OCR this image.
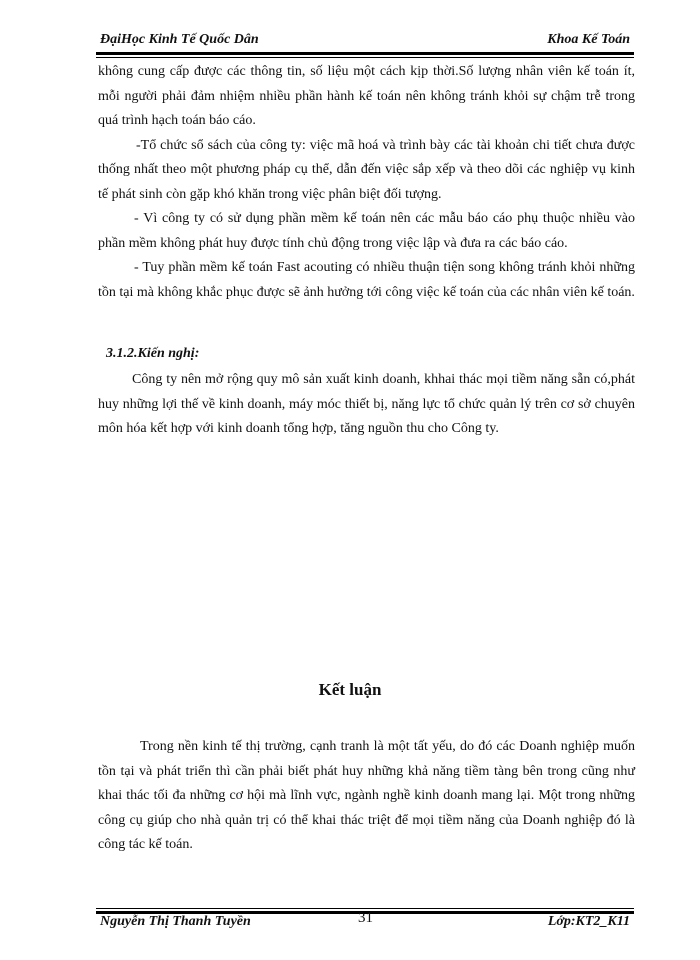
ĐạiHọc Kinh Tế Quốc Dân	Khoa Kế Toán

không cung cấp được các thông tin, số liệu một cách kịp thời.Số lượng nhân viên kế toán ít, mỗi người phải đảm nhiệm nhiều phần hành kế toán nên không tránh khỏi sự chậm trễ trong quá trình hạch toán báo cáo.

-Tổ chức sổ sách của công ty: việc mã hoá và trình bày các tài khoản chi tiết chưa được thống nhất theo một phương pháp cụ thể, dẫn đến việc sắp xếp và theo dõi các nghiệp vụ kinh tế phát sinh còn gặp khó khăn trong việc phân biệt đối tượng.

- Vì công ty có sử dụng phần mềm kế toán nên các mẫu báo cáo phụ thuộc nhiều vào phần mềm không phát huy được tính chủ động trong việc lập và đưa ra các báo cáo.

- Tuy phần mềm kế toán Fast acouting có nhiều thuận tiện song không tránh khỏi những tồn tại mà không khắc phục được sẽ ảnh hưởng tới công việc kế toán của các nhân viên kế toán.

3.1.2.Kiến nghị:

Công ty nên mở rộng quy mô sản xuất kinh doanh, khhai thác mọi tiềm năng sẵn có,phát huy những lợi thế về kinh doanh, máy móc thiết bị, năng lực tổ chức quản lý trên cơ sở chuyên môn hóa kết hợp với kinh doanh tổng hợp, tăng nguồn thu cho Công ty.

Kết luận

Trong nền kinh tế thị trường, cạnh tranh là một tất yếu, do đó các Doanh nghiệp muốn tồn tại và phát triển thì cần phải biết phát huy những khả năng tiềm tàng bên trong cũng như khai thác tối đa những cơ hội mà lĩnh vực, ngành nghề kinh doanh mang lại. Một trong những công cụ giúp cho nhà quản trị có thể khai thác triệt để mọi tiềm năng của Doanh nghiệp đó là công tác kế toán.

Nguyễn Thị Thanh Tuyền	31	Lớp:KT2_K11
